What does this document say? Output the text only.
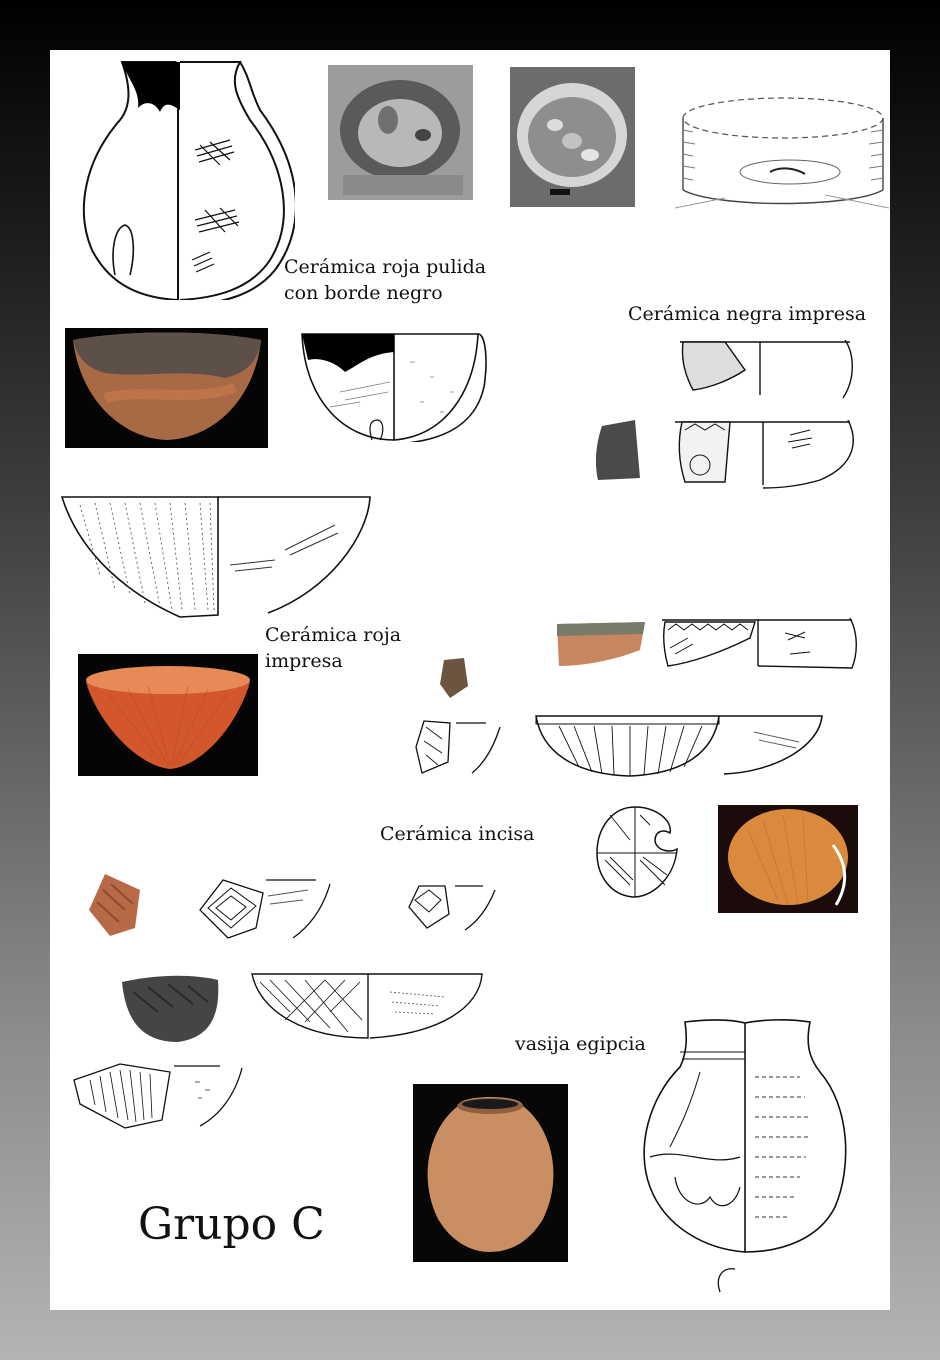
Cerámica roja pulida
con borde negro
Cerámica negra impresa
Cerámica roja
impresa
Cerámica incisa
vasija egipcia
Grupo C
